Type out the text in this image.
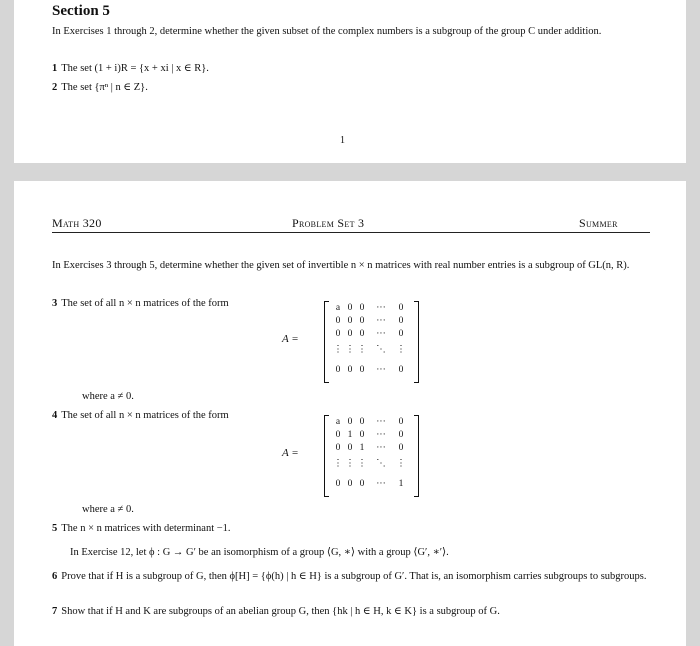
Section 5
In Exercises 1 through 2, determine whether the given subset of the complex numbers is a subgroup of the group C under addition.
1 The set (1 + i)R = {x + xi | x ∈ R}.
2 The set {πⁿ | n ∈ Z}.
1
Math 320	Problem Set 3	Summer
In Exercises 3 through 5, determine whether the given set of invertible n × n matrices with real number entries is a subgroup of GL(n, R).
3 The set of all n × n matrices of the form
A =
a 0 0	···	0
0 0 0	···	0
0 0 0	···	0
⋮ ⋮ ⋮	⋱	⋮
0 0 0	···	0
where a ≠ 0.
4 The set of all n × n matrices of the form
A =
a 0 0	···	0
0 1 0	···	0
0 0 1	···	0
⋮ ⋮ ⋮	⋱	⋮
0 0 0	···	1
where a ≠ 0.
5 The n × n matrices with determinant −1.
In Exercise 12, let ϕ : G → G′ be an isomorphism of a group ⟨G, ∗⟩ with a group ⟨G′, ∗′⟩.
6 Prove that if H is a subgroup of G, then ϕ[H] = {ϕ(h) | h ∈ H} is a subgroup of G′. That is, an isomorphism carries subgroups to subgroups.
7 Show that if H and K are subgroups of an abelian group G, then {hk | h ∈ H, k ∈ K} is a subgroup of G.
